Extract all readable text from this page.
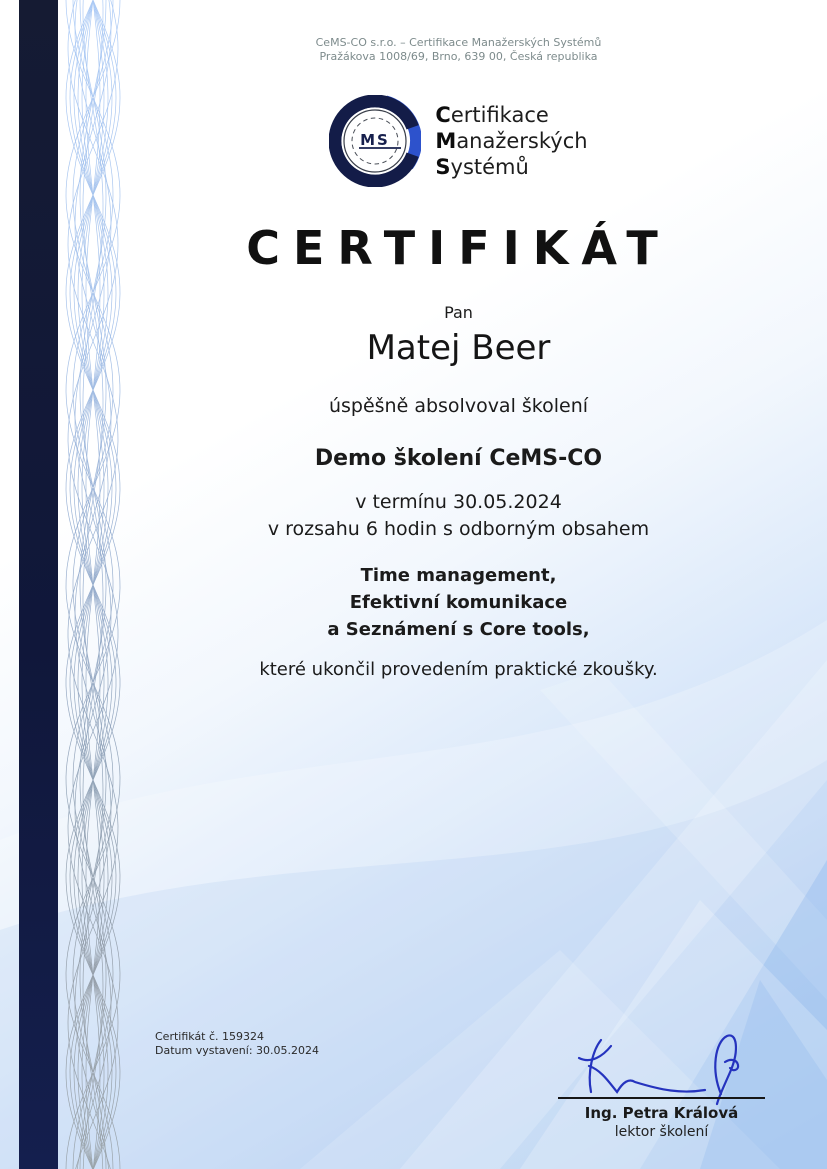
CeMS-CO s.r.o. – Certifikace Manažerských Systémů
Pražákova 1008/69, Brno, 639 00, Česká republika
MS
Certifikace
Manažerských
Systémů
CERTIFIKÁT
Pan
Matej Beer
úspěšně absolvoval školení
Demo školení CeMS-CO
v termínu 30.05.2024
v rozsahu 6 hodin s odborným obsahem
Time management,
Efektivní komunikace
a Seznámení s Core tools,
které ukončil provedením praktické zkoušky.
Certifikát č. 159324
Datum vystavení: 30.05.2024
Ing. Petra Králová
lektor školení
